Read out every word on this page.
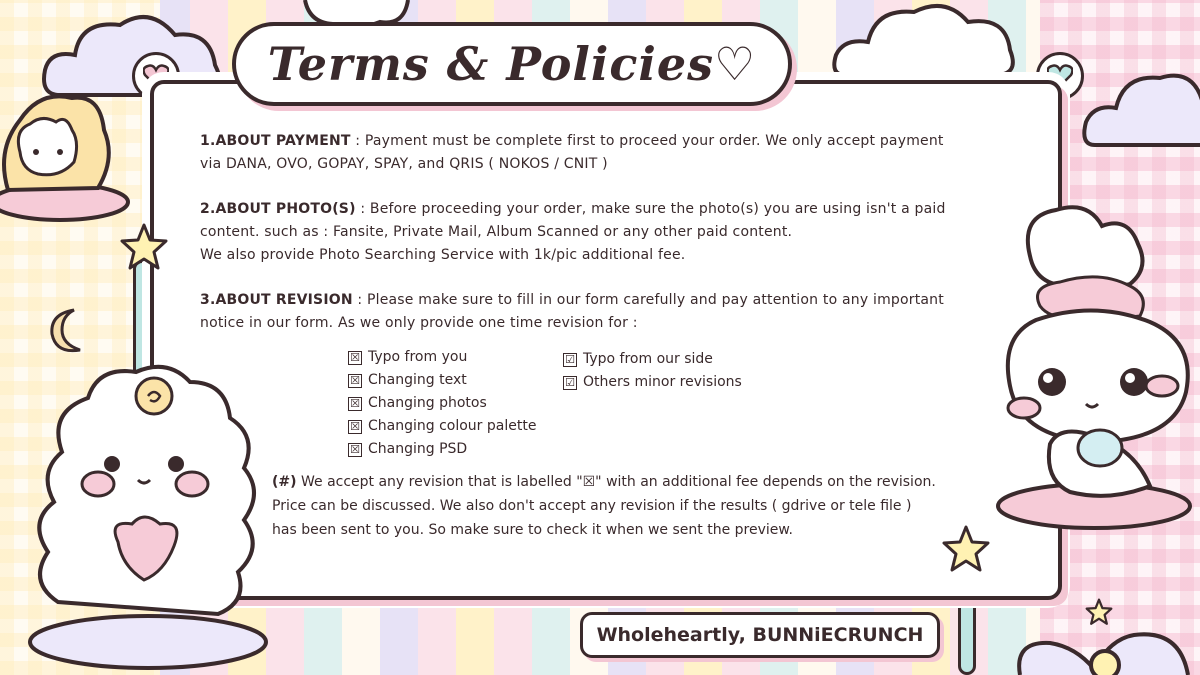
Terms & Policies♡
1.ABOUT PAYMENT : Payment must be complete first to proceed your order. We only accept payment
via DANA, OVO, GOPAY, SPAY, and QRIS ( NOKOS / CNIT )
2.ABOUT PHOTO(S) : Before proceeding your order, make sure the photo(s) you are using isn't a paid
content. such as : Fansite, Private Mail, Album Scanned or any other paid content.
We also provide Photo Searching Service with 1k/pic additional fee.
3.ABOUT REVISION : Please make sure to fill in our form carefully and pay attention to any important
notice in our form. As we only provide one time revision for :
☒ Typo from you
☒ Changing text
☒ Changing photos
☒ Changing colour palette
☒ Changing PSD
☑ Typo from our side
☑ Others minor revisions
(#) We accept any revision that is labelled "☒" with an additional fee depends on the revision.
Price can be discussed. We also don't accept any revision if the results ( gdrive or tele file )
has been sent to you. So make sure to check it when we sent the preview.
Wholeheartly, BUNNiECRUNCH
